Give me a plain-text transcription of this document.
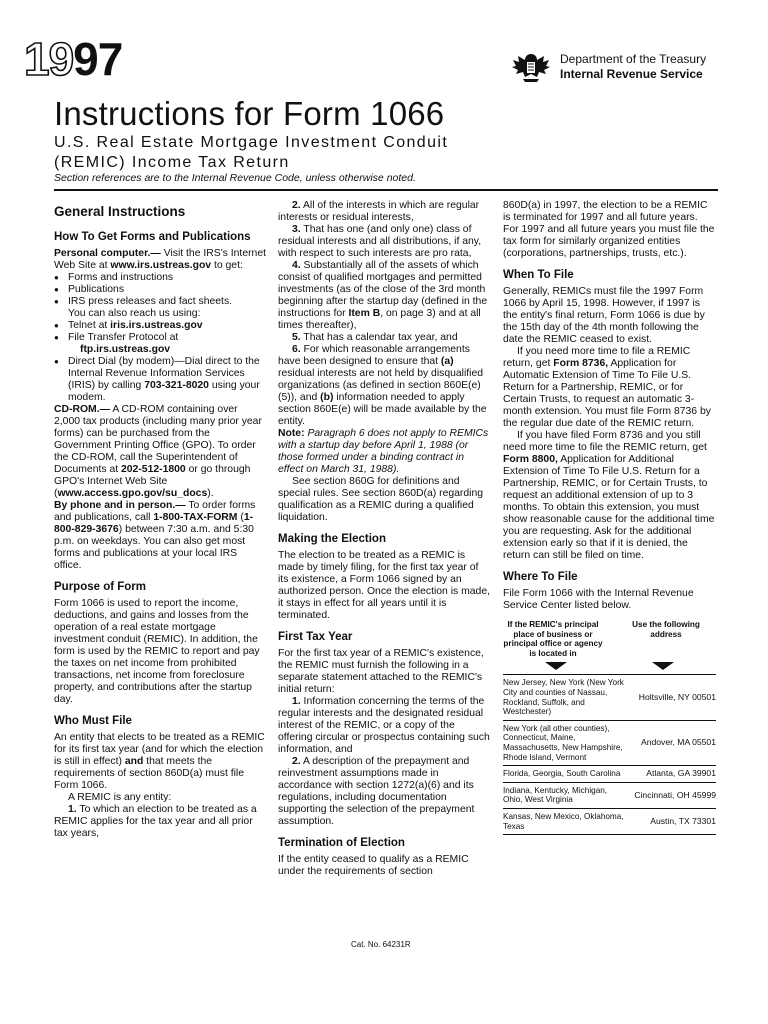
1997	Department of the Treasury
Internal Revenue Service
Instructions for Form 1066
U.S. Real Estate Mortgage Investment Conduit
(REMIC) Income Tax Return
Section references are to the Internal Revenue Code, unless otherwise noted.
General Instructions
How To Get Forms and Publications

Personal computer.— Visit the IRS's Internet Web Site at www.irs.ustreas.gov to get:

● Forms and instructions
● Publications
● IRS press releases and fact sheets.

You can also reach us using:

● Telnet at iris.irs.ustreas.gov
● File Transfer Protocol at
ftp.irs.ustreas.gov
● Direct Dial (by modem)—Dial direct to the Internal Revenue Information Services (IRIS) by calling 703-321-8020 using your modem.

CD-ROM.— A CD-ROM containing over 2,000 tax products (including many prior year forms) can be purchased from the Government Printing Office (GPO). To order the CD-ROM, call the Superintendent of Documents at 202-512-1800 or go through GPO's Internet Web Site (www.access.gpo.gov/su_docs).

By phone and in person.— To order forms and publications, call 1-800-TAX-FORM (1-800-829-3676) between 7:30 a.m. and 5:30 p.m. on weekdays. You can also get most forms and publications at your local IRS office.

Purpose of Form

Form 1066 is used to report the income, deductions, and gains and losses from the operation of a real estate mortgage investment conduit (REMIC). In addition, the form is used by the REMIC to report and pay the taxes on net income from prohibited transactions, net income from foreclosure property, and contributions after the startup day.

Who Must File

An entity that elects to be treated as a REMIC for its first tax year (and for which the election is still in effect) and that meets the requirements of section 860D(a) must file Form 1066.

A REMIC is any entity:

1. To which an election to be treated as a REMIC applies for the tax year and all prior tax years,

2. All of the interests in which are regular interests or residual interests,

3. That has one (and only one) class of residual interests and all distributions, if any, with respect to such interests are pro rata,

4. Substantially all of the assets of which consist of qualified mortgages and permitted investments (as of the close of the 3rd month beginning after the startup day (defined in the instructions for Item B, on page 3) and at all times thereafter),

5. That has a calendar tax year, and

6. For which reasonable arrangements have been designed to ensure that (a) residual interests are not held by disqualified organizations (as defined in section 860E(e)(5)), and (b) information needed to apply section 860E(e) will be made available by the entity.

Note: Paragraph 6 does not apply to REMICs with a startup day before April 1, 1988 (or those formed under a binding contract in effect on March 31, 1988).

See section 860G for definitions and special rules. See section 860D(a) regarding qualification as a REMIC during a qualified liquidation.

Making the Election

The election to be treated as a REMIC is made by timely filing, for the first tax year of its existence, a Form 1066 signed by an authorized person. Once the election is made, it stays in effect for all years until it is terminated.

First Tax Year

For the first tax year of a REMIC's existence, the REMIC must furnish the following in a separate statement attached to the REMIC's initial return:

1. Information concerning the terms of the regular interests and the designated residual interest of the REMIC, or a copy of the offering circular or prospectus containing such information, and

2. A description of the prepayment and reinvestment assumptions made in accordance with section 1272(a)(6) and its regulations, including documentation supporting the selection of the prepayment assumption.

Termination of Election

If the entity ceased to qualify as a REMIC under the requirements of section

860D(a) in 1997, the election to be a REMIC is terminated for 1997 and all future years. For 1997 and all future years you must file the tax form for similarly organized entities (corporations, partnerships, trusts, etc.).

When To File

Generally, REMICs must file the 1997 Form 1066 by April 15, 1998. However, if 1997 is the entity's final return, Form 1066 is due by the 15th day of the 4th month following the date the REMIC ceased to exist.

If you need more time to file a REMIC return, get Form 8736, Application for Automatic Extension of Time To File U.S. Return for a Partnership, REMIC, or for Certain Trusts, to request an automatic 3-month extension. You must file Form 8736 by the regular due date of the REMIC return.

If you have filed Form 8736 and you still need more time to file the REMIC return, get Form 8800, Application for Additional Extension of Time To File U.S. Return for a Partnership, REMIC, or for Certain Trusts, to request an additional extension of up to 3 months. To obtain this extension, you must show reasonable cause for the additional time you are requesting. Ask for the additional extension early so that if it is denied, the return can still be filed on time.

Where To File

File Form 1066 with the Internal Revenue Service Center listed below.

If the REMIC's principal place of business or principal office or agency is located in
Use the following address
New Jersey, New York (New York City and counties of Nassau, Rockland, Suffolk, and Westchester)
Holtsville, NY 00501
New York (all other counties), Connecticut, Maine, Massachusetts, New Hampshire, Rhode Island, Vermont
Andover, MA 05501
Florida, Georgia, South Carolina	Atlanta, GA 39901
Indiana, Kentucky, Michigan, Ohio, West Virginia
Cincinnati, OH 45999
Kansas, New Mexico, Oklahoma, Texas
Austin, TX 73301
Cat. No. 64231R
